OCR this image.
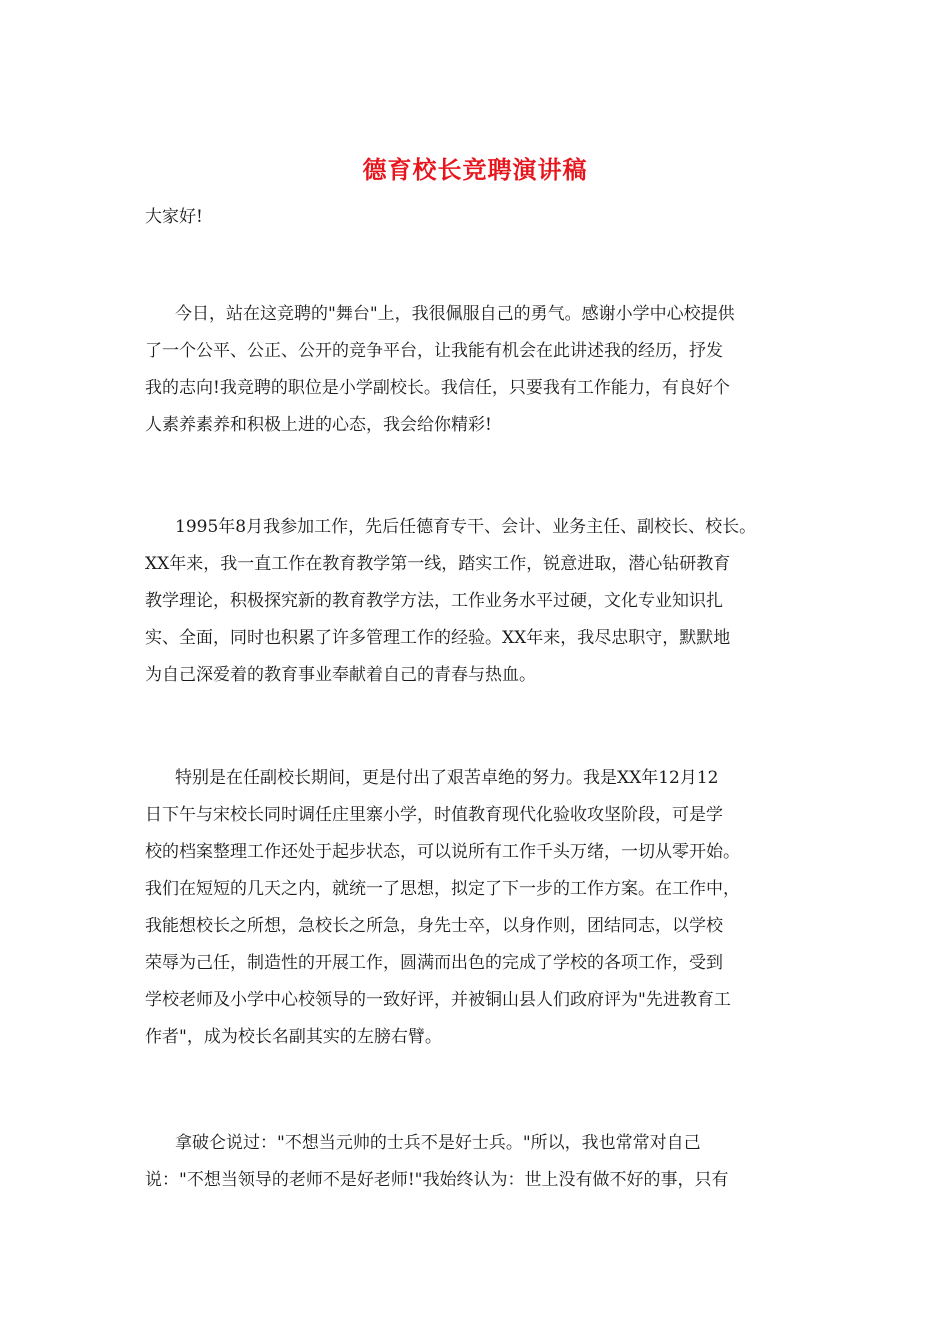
德育校长竞聘演讲稿
大家好!
今日，站在这竞聘的"舞台"上，我很佩服自己的勇气。感谢小学中心校提供
了一个公平、公正、公开的竞争平台，让我能有机会在此讲述我的经历，抒发
我的志向!我竞聘的职位是小学副校长。我信任，只要我有工作能力，有良好个
人素养素养和积极上进的心态，我会给你精彩!
1995年8月我参加工作，先后任德育专干、会计、业务主任、副校长、校长。
XX年来，我一直工作在教育教学第一线，踏实工作，锐意进取，潜心钻研教育
教学理论，积极探究新的教育教学方法，工作业务水平过硬，文化专业知识扎
实、全面，同时也积累了许多管理工作的经验。XX年来，我尽忠职守，默默地
为自己深爱着的教育事业奉献着自己的青春与热血。
特别是在任副校长期间，更是付出了艰苦卓绝的努力。我是XX年12月12
日下午与宋校长同时调任庄里寨小学，时值教育现代化验收攻坚阶段，可是学
校的档案整理工作还处于起步状态，可以说所有工作千头万绪，一切从零开始。
我们在短短的几天之内，就统一了思想，拟定了下一步的工作方案。在工作中，
我能想校长之所想，急校长之所急，身先士卒，以身作则，团结同志，以学校
荣辱为己任，制造性的开展工作，圆满而出色的完成了学校的各项工作，受到
学校老师及小学中心校领导的一致好评，并被铜山县人们政府评为"先进教育工
作者"，成为校长名副其实的左膀右臂。
拿破仑说过："不想当元帅的士兵不是好士兵。"所以，我也常常对自己
说："不想当领导的老师不是好老师!"我始终认为：世上没有做不好的事，只有
